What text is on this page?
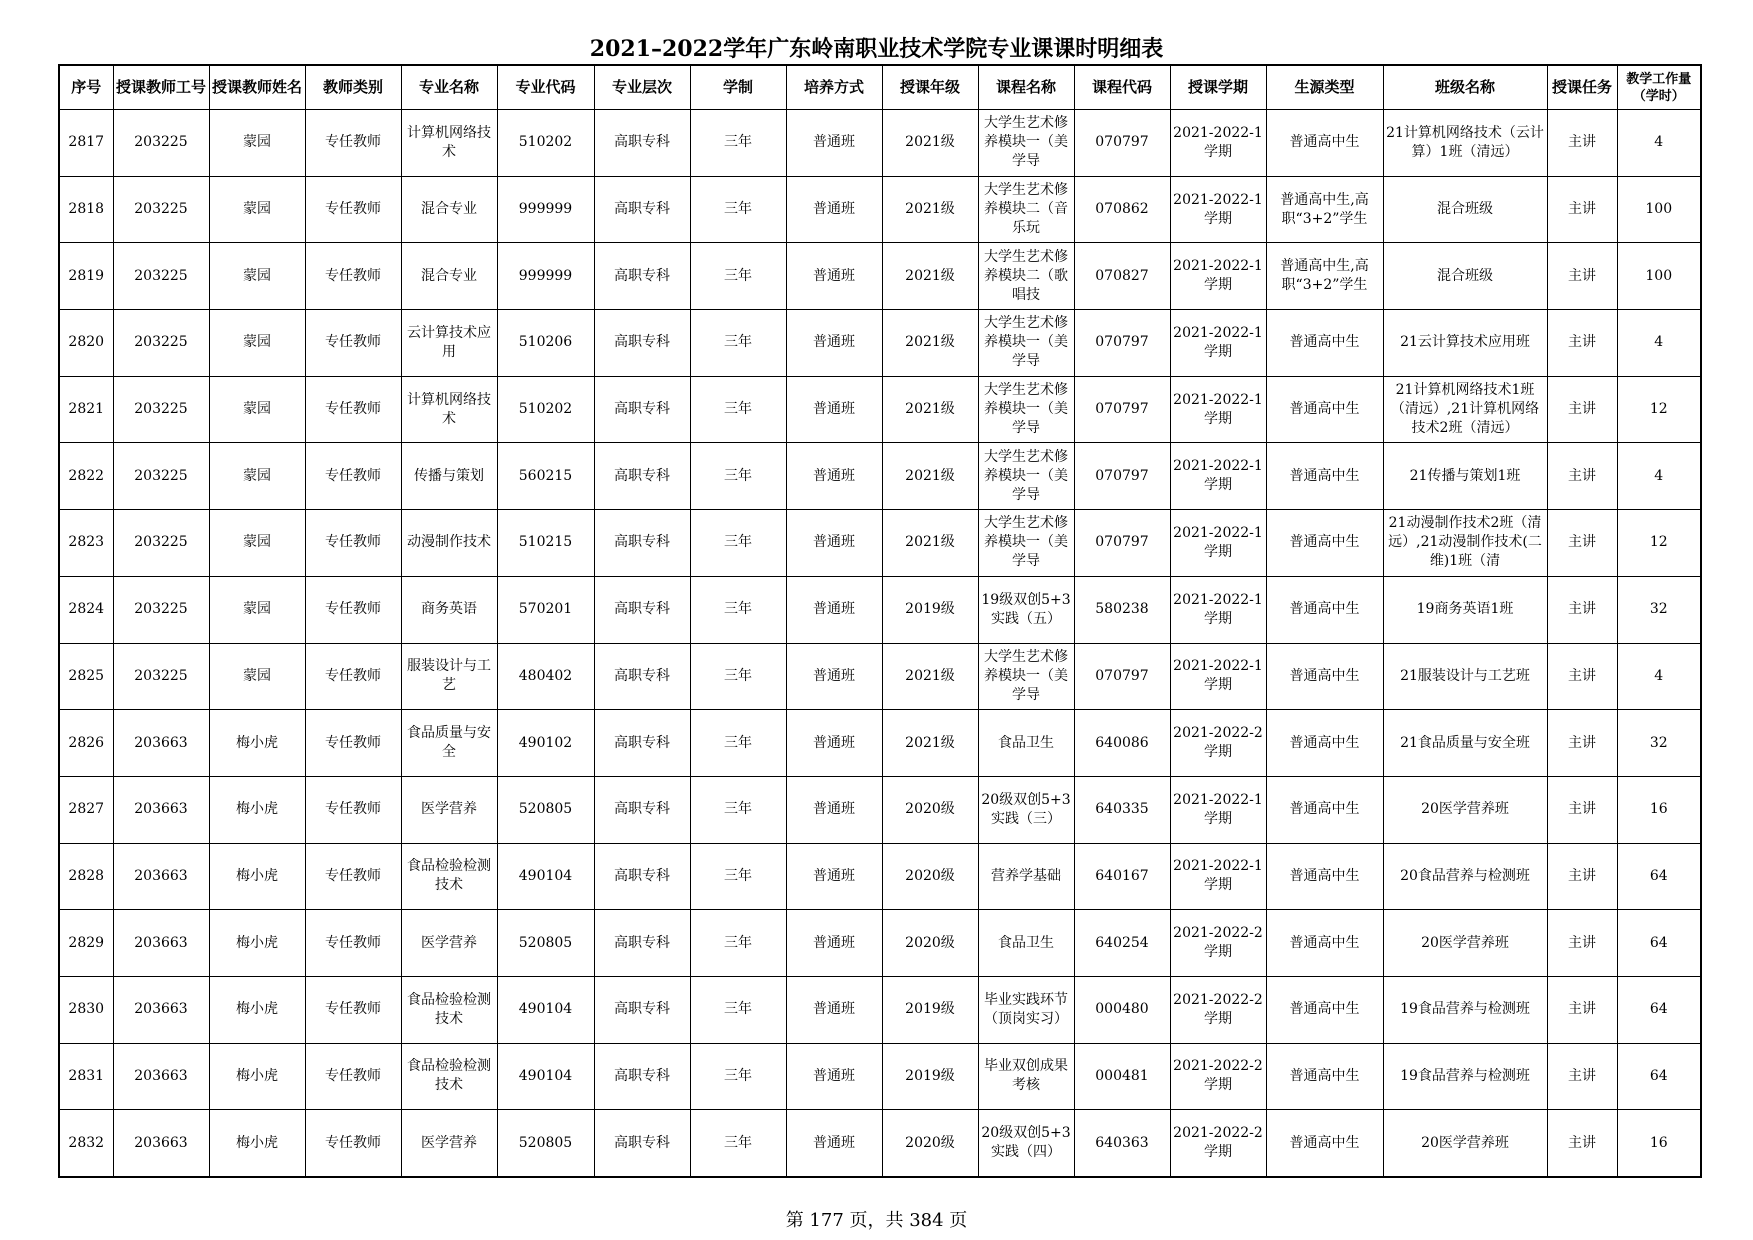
2021–2022学年广东岭南职业技术学院专业课课时明细表
序号	授课教师工号	授课教师姓名	教师类别	专业名称	专业代码	专业层次	学制	培养方式	授课年级	课程名称	课程代码	授课学期	生源类型	班级名称	授课任务	教学工作量（学时）

2817	203225	蒙园	专任教师	计算机网络技术	510202	高职专科	三年	普通班	2021级	大学生艺术修养模块一（美学导	070797	2021-2022-1学期	普通高中生	21计算机网络技术（云计算）1班（清远）	主讲	4

2818	203225	蒙园	专任教师	混合专业	999999	高职专科	三年	普通班	2021级	大学生艺术修养模块二（音乐玩	070862	2021-2022-1学期	普通高中生,高职“3+2”学生	混合班级	主讲	100

2819	203225	蒙园	专任教师	混合专业	999999	高职专科	三年	普通班	2021级	大学生艺术修养模块二（歌唱技	070827	2021-2022-1学期	普通高中生,高职“3+2”学生	混合班级	主讲	100

2820	203225	蒙园	专任教师	云计算技术应用	510206	高职专科	三年	普通班	2021级	大学生艺术修养模块一（美学导	070797	2021-2022-1学期	普通高中生	21云计算技术应用班	主讲	4

2821	203225	蒙园	专任教师	计算机网络技术	510202	高职专科	三年	普通班	2021级	大学生艺术修养模块一（美学导	070797	2021-2022-1学期	普通高中生	21计算机网络技术1班（清远）,21计算机网络技术2班（清远）	主讲	12

2822	203225	蒙园	专任教师	传播与策划	560215	高职专科	三年	普通班	2021级	大学生艺术修养模块一（美学导	070797	2021-2022-1学期	普通高中生	21传播与策划1班	主讲	4

2823	203225	蒙园	专任教师	动漫制作技术	510215	高职专科	三年	普通班	2021级	大学生艺术修养模块一（美学导	070797	2021-2022-1学期	普通高中生	21动漫制作技术2班（清远）,21动漫制作技术(二维)1班（清	主讲	12

2824	203225	蒙园	专任教师	商务英语	570201	高职专科	三年	普通班	2019级	19级双创5+3实践（五）	580238	2021-2022-1学期	普通高中生	19商务英语1班	主讲	32

2825	203225	蒙园	专任教师	服装设计与工艺	480402	高职专科	三年	普通班	2021级	大学生艺术修养模块一（美学导	070797	2021-2022-1学期	普通高中生	21服装设计与工艺班	主讲	4

2826	203663	梅小虎	专任教师	食品质量与安全	490102	高职专科	三年	普通班	2021级	食品卫生	640086	2021-2022-2学期	普通高中生	21食品质量与安全班	主讲	32

2827	203663	梅小虎	专任教师	医学营养	520805	高职专科	三年	普通班	2020级	20级双创5+3实践（三）	640335	2021-2022-1学期	普通高中生	20医学营养班	主讲	16

2828	203663	梅小虎	专任教师	食品检验检测技术	490104	高职专科	三年	普通班	2020级	营养学基础	640167	2021-2022-1学期	普通高中生	20食品营养与检测班	主讲	64

2829	203663	梅小虎	专任教师	医学营养	520805	高职专科	三年	普通班	2020级	食品卫生	640254	2021-2022-2学期	普通高中生	20医学营养班	主讲	64

2830	203663	梅小虎	专任教师	食品检验检测技术	490104	高职专科	三年	普通班	2019级	毕业实践环节（顶岗实习）	000480	2021-2022-2学期	普通高中生	19食品营养与检测班	主讲	64

2831	203663	梅小虎	专任教师	食品检验检测技术	490104	高职专科	三年	普通班	2019级	毕业双创成果考核	000481	2021-2022-2学期	普通高中生	19食品营养与检测班	主讲	64

2832	203663	梅小虎	专任教师	医学营养	520805	高职专科	三年	普通班	2020级	20级双创5+3实践（四）	640363	2021-2022-2学期	普通高中生	20医学营养班	主讲	16
第 177 页，共 384 页
